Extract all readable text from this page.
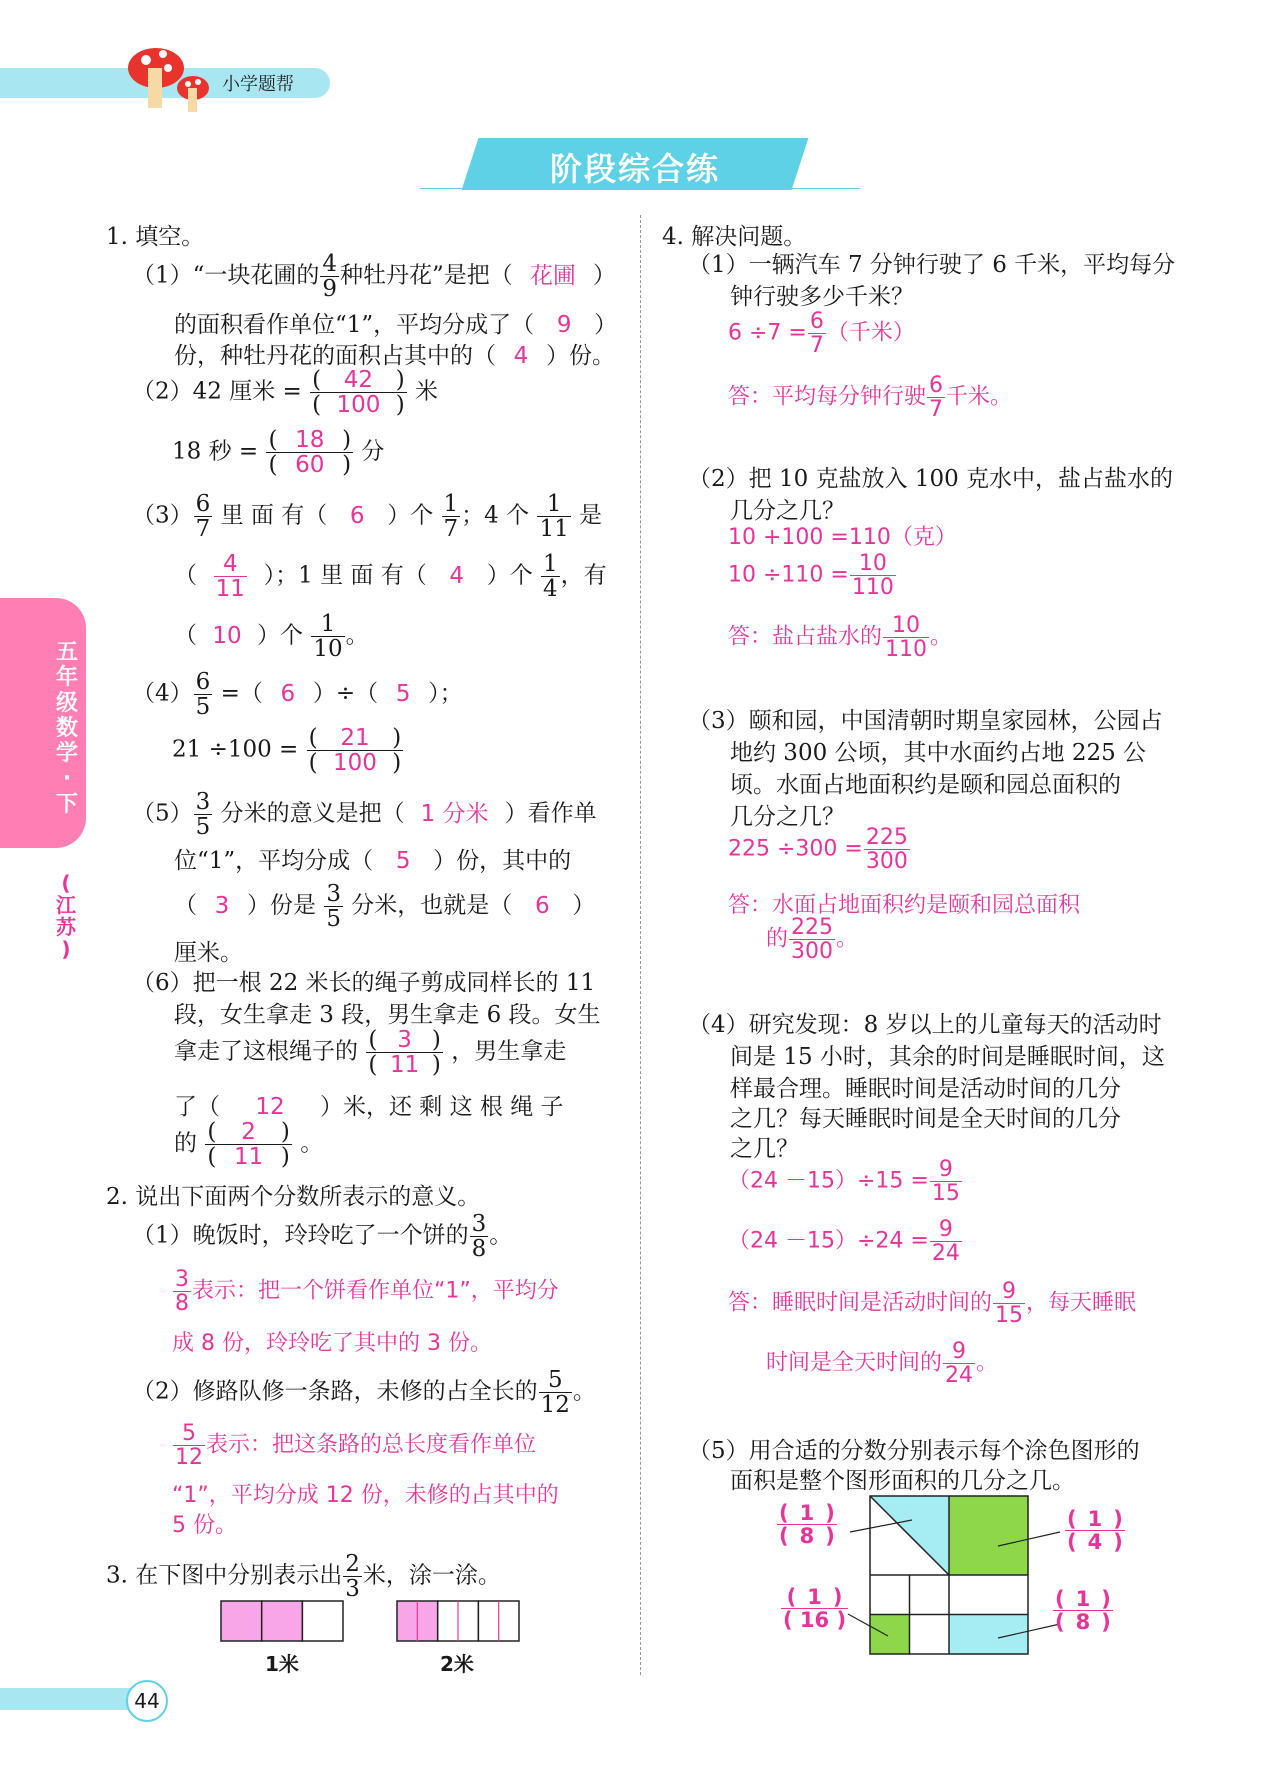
小学题帮
阶段综合练
五
年
级
数
学
·
下
(
江
苏
)
1. 填空。
（1）“一块花圃的 $\frac{4}{9}$ 种牡丹花”是把（ 花圃 ）
的面积看作单位“1”，平均分成了（ 9 ）
份，种牡丹花的面积占其中的（ 4 ）份。
（2）42 厘米 = $\frac{( 42 )}{( 100 )}$ 米
18 秒 = $\frac{( 18 )}{( 60 )}$ 分
$(3) \frac{6}{7}$ 里 面 有（ 6 ）个 $\frac{1}{7}$ ；4 个 $\frac{1}{11}$ 是
（ $\frac{4}{11}$ ）；1 里 面 有（ 4 ）个 $\frac{1}{4}$ ，有
（ 10 ）个 $\frac{1}{10}$ 。
$(4) \frac{6}{5}$ =（ 6 ）÷（ 5 ）；
$21 \div 100 = \frac{( 21 )}{( 100 )}$
$(5) \frac{3}{5}$ 分米的意义是把（ 1 分米 ）看作单
位“1”，平均分成（ 5 ）份，其中的
（ 3 ）份是 $\frac{3}{5}$ 分米，也就是（ 6 ）
厘米。
（6）把一根 22 米长的绳子剪成同样长的 11
段，女生拿走 3 段，男生拿走 6 段。女生
拿走了这根绳子的 $\frac{( 3 )}{( 11 )}$ ，男生拿走
了（ 12 ）米，还 剩 这 根 绳 子
的 $\frac{( 2 )}{( 11 )}$ 。
2. 说出下面两个分数所表示的意义。
（1）晚饭时，玲玲吃了一个饼的 $\frac{3}{8}$ 。
$\frac{3}{8}$ 表示：把一个饼看作单位“1”，平均分
成 8 份，玲玲吃了其中的 3 份。
（2）修路队修一条路，未修的占全长的 $\frac{5}{12}$ 。
$\frac{5}{12}$ 表示：把这条路的总长度看作单位
“1”，平均分成 12 份，未修的占其中的
5 份。
3. 在下图中分别表示出 $\frac{2}{3}$ 米，涂一涂。
1米	2米
4. 解决问题。
（1）一辆汽车 7 分钟行驶了 6 千米，平均每分
钟行驶多少千米？
$6 \div 7 = \frac{6}{7}$ （千米）
答：平均每分钟行驶 $\frac{6}{7}$ 千米。
（2）把 10 克盐放入 100 克水中，盐占盐水的
几分之几？
10 +100 =110（克）
$10 \div 110 = \frac{10}{110}$
答：盐占盐水的 $\frac{10}{110}$ 。
（3）颐和园，中国清朝时期皇家园林，公园占
地约 300 公顷，其中水面约占地 225 公
顷。水面占地面积约是颐和园总面积的
几分之几？
$225 \div 300 = \frac{225}{300}$
答：水面占地面积约是颐和园总面积
的 $\frac{225}{300}$ 。
（4）研究发现：8 岁以上的儿童每天的活动时
间是 15 小时，其余的时间是睡眠时间，这
样最合理。睡眠时间是活动时间的几分
之几？每天睡眠时间是全天时间的几分
之几？
$(24 -15)\div 15 = \frac{9}{15}$
$(24 -15)\div 24 = \frac{9}{24}$
答：睡眠时间是活动时间的 $\frac{9}{15}$ ，每天睡眠
时间是全天时间的 $\frac{9}{24}$ 。
（5）用合适的分数分别表示每个涂色图形的
面积是整个图形面积的几分之几。
$\frac{( 1 )}{( 8 )}$	$\frac{( 1 )}{( 4 )}$
$\frac{( 1 )}{( 16 )}$	$\frac{( 1 )}{( 8 )}$
44
